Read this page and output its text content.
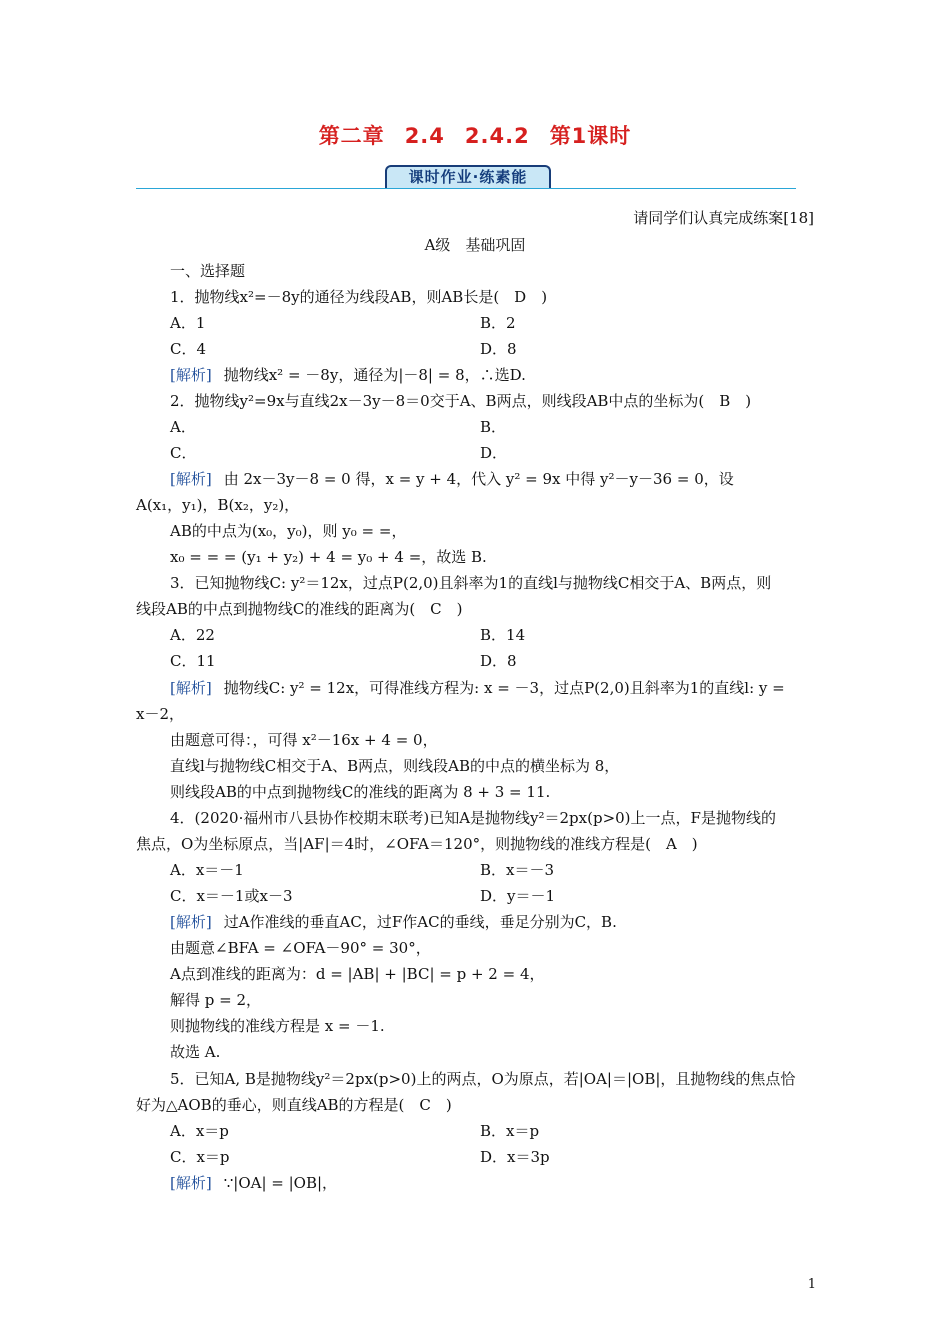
第二章 2.4 2.4.2 第1课时
课时作业·练素能
请同学们认真完成练案[18]
A级　基础巩固
一、选择题
1．抛物线x²=－8y的通径为线段AB，则AB长是(　D　)
A．1	B．2
C．4	D．8
[解析] 抛物线x² = －8y，通径为|－8| = 8，∴选D.
2．抛物线y²=9x与直线2x－3y－8＝0交于A、B两点，则线段AB中点的坐标为(　B　)
A．	B．
C．	D．
[解析] 由 2x－3y－8 = 0 得，x = y + 4，代入 y² = 9x 中得 y²－y－36 = 0，设
A(x₁，y₁)，B(x₂，y₂)，
AB的中点为(x₀，y₀)，则 y₀ = =，
x₀ = = = (y₁ + y₂) + 4 = y₀ + 4 =，故选 B.
3．已知抛物线C: y²＝12x，过点P(2,0)且斜率为1的直线l与抛物线C相交于A、B两点，则
线段AB的中点到抛物线C的准线的距离为(　C　)
A．22	B．14
C．11	D．8
[解析] 抛物线C: y² = 12x，可得准线方程为: x = －3，过点P(2,0)且斜率为1的直线l: y =
x－2，
由题意可得：，可得 x²－16x + 4 = 0，
直线l与抛物线C相交于A、B两点，则线段AB的中点的横坐标为 8，
则线段AB的中点到抛物线C的准线的距离为 8 + 3 = 11.
4．(2020·福州市八县协作校期末联考)已知A是抛物线y²＝2px(p>0)上一点，F是抛物线的
焦点，O为坐标原点，当|AF|＝4时，∠OFA＝120°，则抛物线的准线方程是(　A　)
A．x＝－1	B．x＝－3
C．x＝－1或x－3	D．y＝－1
[解析] 过A作准线的垂直AC，过F作AC的垂线，垂足分别为C，B.
由题意∠BFA = ∠OFA－90° = 30°，
A点到准线的距离为：d = |AB| + |BC| = p + 2 = 4，
解得 p = 2，
则抛物线的准线方程是 x = －1.
故选 A.
5．已知A, B是抛物线y²＝2px(p>0)上的两点，O为原点，若|OA|＝|OB|，且抛物线的焦点恰
好为△AOB的垂心，则直线AB的方程是(　C　)
A．x＝p	B．x＝p
C．x＝p	D．x＝3p
[解析] ∵|OA| = |OB|，
1
